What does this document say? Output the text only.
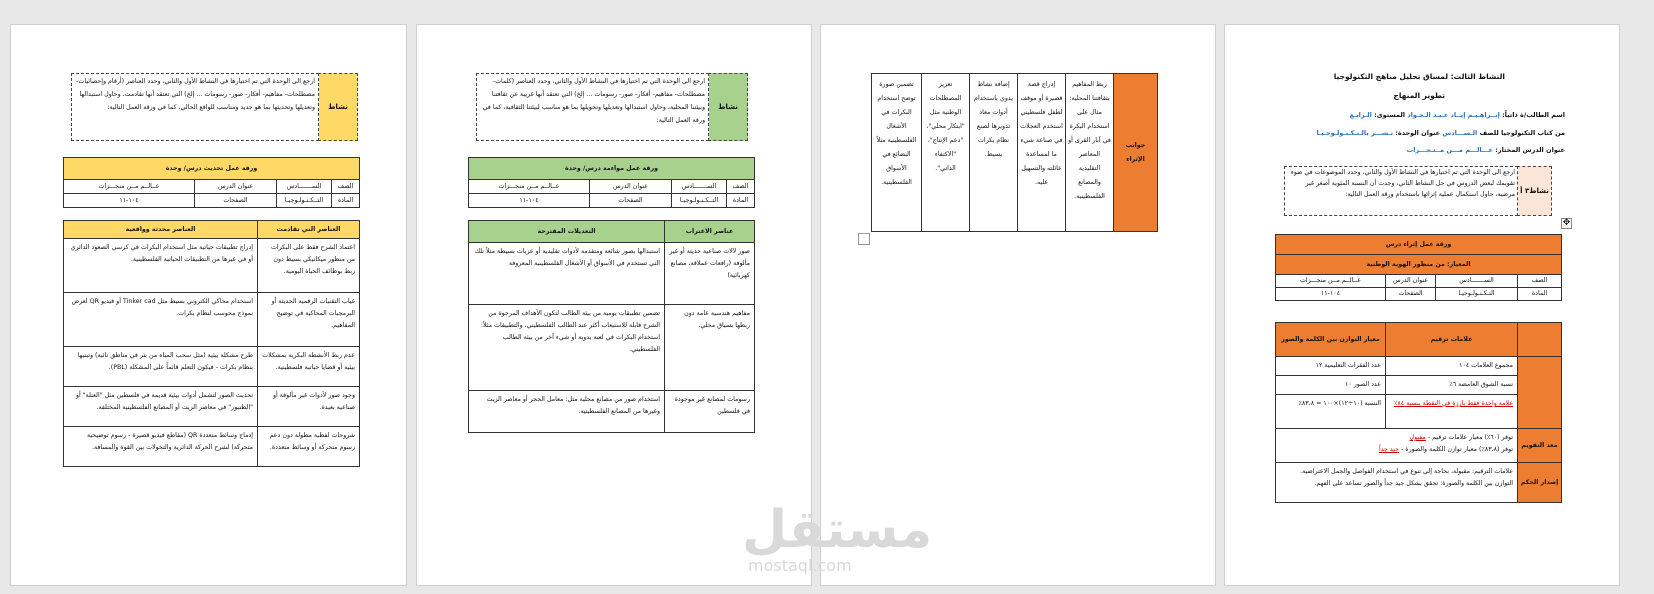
نشاط
ارجع الى الوحدة التي تم اختيارها في النشاط الأول والثاني، وحدد العناصر (أرقام وإحصائيات- مصطلحات- مفاهيم- أفكار- صور- رسومات ... إلخ) التي تعتقد أنها تقادمت، وحاول استبدالها وتعديلها وتحديثها بما هو جديد ومناسب للواقع الحالي، كما في ورقة العمل التالية:
ورقة عمل تحديث درس/ وحدة			
الصف	الســـــــادس	عنوان الدرس	عــالــم مــن منجـــزات
المادة	التــكـنـولـوجيـا	الصفحات	١٠٤-١١
العناصر التي تقادمت	العناصر محدثة وواقعية
اعتماد الشرح فقط على البكرات من منظور ميكانيكي بسيط دون ربط بوظائف الحياة اليومية.	إدراج تطبيقات حياتية مثل استخدام البكرات في كرسي الصعود الدائري أو في غيرها من التطبيقات الحياتية الفلسطينية.
غياب التقنيات الرقمية الحديثة أو البرمجيات المحاكية في توضيح المفاهيم.	استخدام محاكي الكتروني بسيط مثل Tinker cad أو فيديو QR لعرض نموذج محوسب لنظام بكرات.
عدم ربط الأنشطة البكرية بمشكلات بيئية أو قضايا حياتية فلسطينية.	طرح مشكلة بيئية (مثل سحب المياه من بئر في مناطق نائية) وتبنيها بنظام بكرات - فيكون التعلم قائماً على المشكلة (PBL).
وجود صور لأدوات غير مألوفة أو صناعية بعيدة.	تحديث الصور لتشمل أدوات بيئية قديمة في فلسطين مثل "العتلة" أو "الطنبور" في معاصر الزيت أو المصانع الفلسطينية المختلفة.
شروحات لفظية مطولة دون دعم رسوم متحركة أو وسائط متعددة.	إدماج وسائط متعددة QR (مقاطع فيديو قصيرة - رسوم توضيحية متحركة) لشرح الحركة الدائرية والتحولات بين القوة والمسافة.
نشاط
ارجع الى الوحدة التي تم اختيارها في النشاط الأول والثاني، وحدد العناصر (كلمات- مصطلحات- مفاهيم- أفكار- صور- رسومات ... إلخ) التي تعتقد أنها غريبة عن ثقافتنا وبيئتنا المحلية، وحاول استبدالها وتعديلها وتحويلها بما هو مناسب لبيئتنا الثقافية، كما في ورقة العمل التالية:
ورقة عمل مواءمة درس/ وحدة			
الصف	الســـــــادس	عنوان الدرس	عــالــم مــن منجـــزات
المادة	التــكـنـولـوجيـا	الصفحات	١٠٤-١١
عناصر الاغتراب	التعديلات المقترحة
صور لآلات صناعية حديثة أو غير مألوفة (رافعات عملاقة، مصانع كهربائية)	استبدالها بصور شائعة ومتقدمة لأدوات تقليدية أو عربات بسيطة مثلاً تلك التي تستخدم في الأسواق أو الأشغال الفلسطينية المعروفة
مفاهيم هندسية عامة دون ربطها بسياق محلي.	تضمين تطبيقات يومية من بيئة الطالب لتكون الأهداف المرجوة من الشرح قابلة للاستيعاب أكثر عند الطالب الفلسطيني، والتطبيقات مثلاً: استخدام البكرات في لعبة يدوية أو شيء آخر من بيئة الطالب الفلسطيني.
رسومات لمصانع غير موجودة في فلسطين	استخدام صور من مصانع محلية مثل: معامل الحجر أو معاصر الزيت وغيرها من المصانع الفلسطينية.
جوانب الإثراء	ربط المفاهيم بثقافتنا المحلية: مثال على استخدام البكرة في آبار القرى أو المعاصر التقليدية والمصانع الفلسطينية.	إدراج قصة قصيرة أو موقف لطفل فلسطيني استخدم العجلات في صناعة شيء ما لمساعدة عائلته والتسهيل عليه.	إضافة نشاط يدوي باستخدام أدوات معاد تدويرها لصنع نظام بكرات بسيط.	تعزيز المصطلحات الوطنية مثل "ابتكار محلي"، "دعم الإنتاج"، "الاكتفاء الذاتي".	تضمين صورة توضح استخدام البكرات في الأشغال الفلسطينية مثلاً البضائع في الأسواق الفلسطينية.
النشاط الثالث: لمساق تحليل مناهج التكنولوجيا
تطوير المنهاج
اسم الطالب/ة ذاتياً: إبــراهـيـم إيــاد عـبـد الـجـواد المستوى: الـرابـع
من كتاب التكنولوجيا للصف الـســـادس عنوان الوحدة: نـشـــر بالـتـكـنـولـوجـيـا
عنوان الدرس المختار: عـــالـــم مـــن مــنـجـــزات
نشاط٣ أ
ارجع الى الوحدة التي تم اختيارها في النشاط الأول والثاني، وحدد الموضوعات في ضوء تقويمك لبعض الدروس في حل النشاط الثاني، وجدت أن النسبة المئوية أصغر غير مرضية، حاول استكمال عملية إثرائها باستخدام ورقة العمل التالية:
✥
ورقة عمل إثراء درس			
المعيار: من منظور الهوية الوطنية			
الصف	الســـــــادس	عنوان الدرس	عــالــم مــن منجـــزات
المادة	التـكـنـولـوجيـا	الصفحات	١٠٤-١١
	علامات ترقيم	معيار التوازن بين الكلمة والصور
	مجموع العلامات ١٠٤	عدد الفقرات التعليمية ١٢
	نسبة الشوق الغامضة ٦٪	عدد الصور ١٠
	علامة واحدة فقط بارزة في النقطة بنسبة ٨٤٪	النسبة (١٠÷١٢)×١٠٠ = ٨٣،٨٪
معد التقويم	توفر (٦٠٪) معيار علامات ترقيم - مقبول
توفر (٨٣،٨٪) معيار توازن الكلمة والصورة - جيد جداً	

إصدار الحكم	علامات الترقيم: مقبولة، بحاجة إلى تنوع في استخدام الفواصل والجمل الاعتراضية.
التوازن بين الكلمة والصورة: تحقق بشكل جيد جداً والصور تساعد على الفهم.	
مستقل
mostaql.com
